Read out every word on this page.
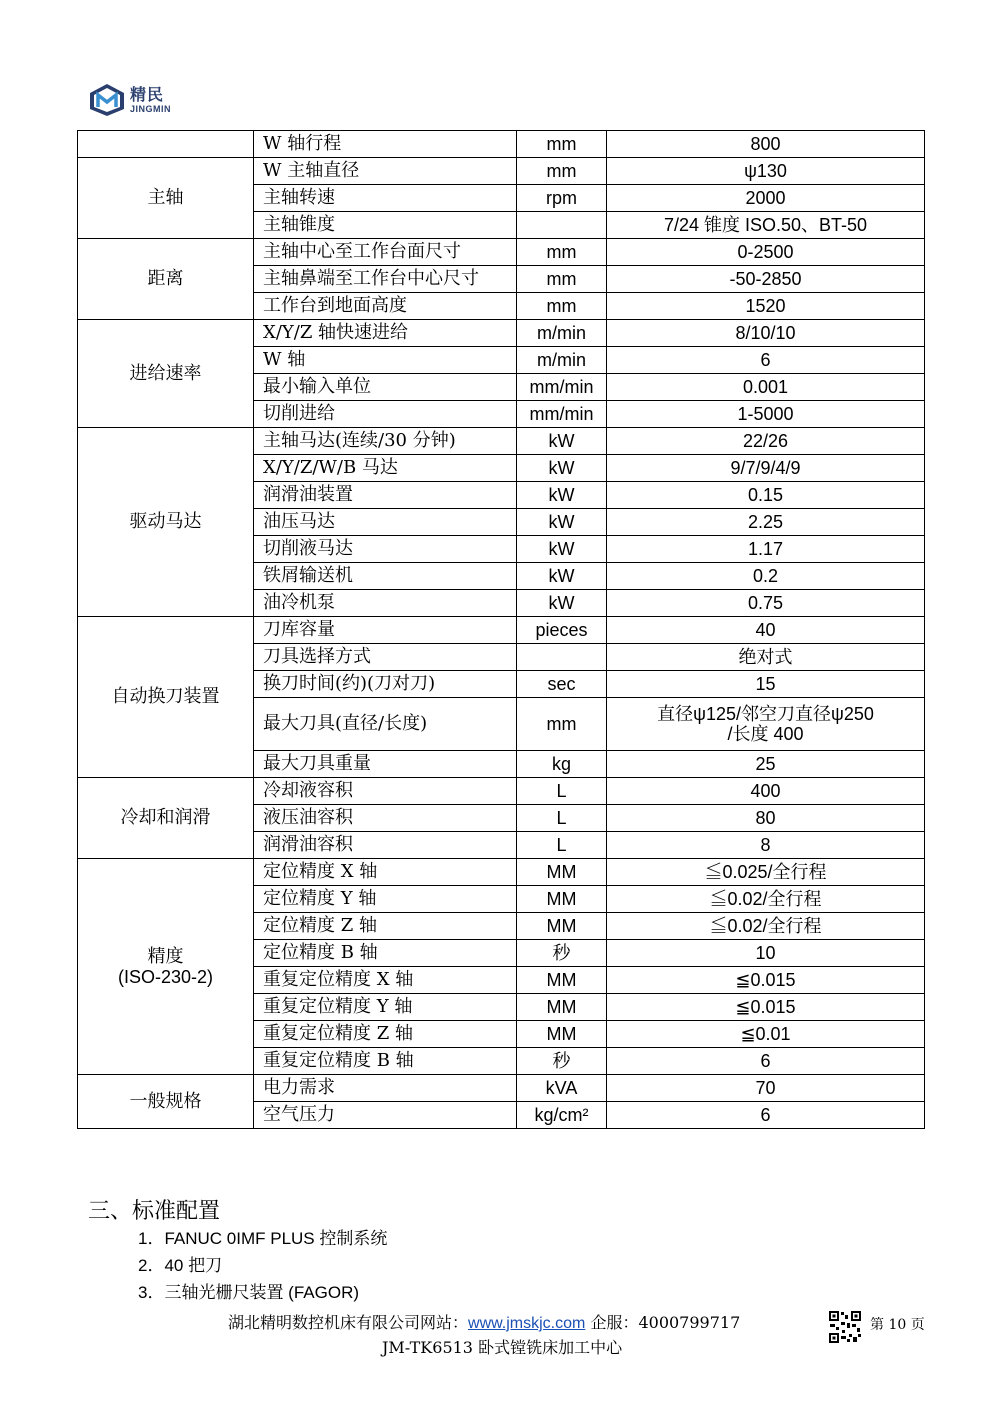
精民
JINGMIN
	W 轴行程	mm	800

主轴	W 主轴直径	mm	ψ130
	主轴转速	rpm	2000
	主轴锥度		7/24 锥度 ISO.50、BT-50

距离	主轴中心至工作台面尺寸	mm	0-2500
	主轴鼻端至工作台中心尺寸	mm	-50-2850
	工作台到地面高度	mm	1520

进给速率	X/Y/Z 轴快速进给	m/min	8/10/10
	W 轴	m/min	6
	最小输入单位	mm/min	0.001
	切削进给	mm/min	1-5000

驱动马达	主轴马达(连续/30 分钟)	kW	22/26
	X/Y/Z/W/B 马达	kW	9/7/9/4/9
	润滑油装置	kW	0.15
	油压马达	kW	2.25
	切削液马达	kW	1.17
	铁屑输送机	kW	0.2
	油冷机泵	kW	0.75

自动换刀装置	刀库容量	pieces	40
	刀具选择方式		绝对式
	换刀时间(约)(刀对刀)	sec	15
	最大刀具(直径/长度)	mm	直径ψ125/邻空刀直径ψ250
/长度 400

	最大刀具重量	kg	25

冷却和润滑	冷却液容积	L	400
	液压油容积	L	80
	润滑油容积	L	8

精度
(ISO-230-2)	定位精度 X 轴	MM	≦0.025/全行程
	定位精度 Y 轴	MM	≦0.02/全行程
	定位精度 Z 轴	MM	≦0.02/全行程
	定位精度 B 轴	秒	10
	重复定位精度 X 轴	MM	≦0.015
	重复定位精度 Y 轴	MM	≦0.015
	重复定位精度 Z 轴	MM	≦0.01
	重复定位精度 B 轴	秒	6

一般规格	电力需求	kVA	70
	空气压力	kg/cm²	6
三、标准配置
1．FANUC 0IMF PLUS 控制系统
2．40 把刀
3．三轴光栅尺装置 (FAGOR)
湖北精明数控机床有限公司网站：www.jmskjc.com 企服：4000799717	第 10 页
JM-TK6513 卧式镗铣床加工中心
